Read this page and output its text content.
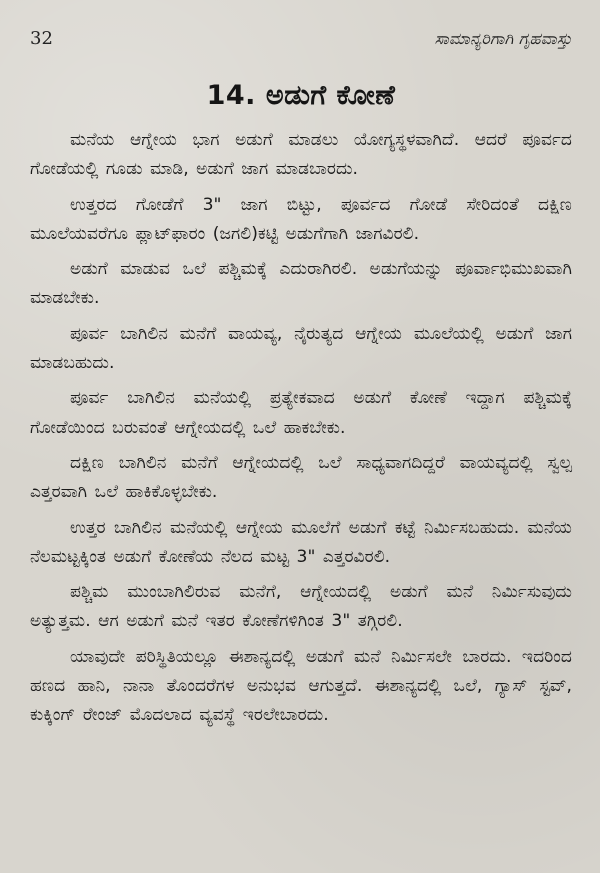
32	ಸಾಮಾನ್ಯರಿಗಾಗಿ ಗೃಹವಾಸ್ತು
14. ಅಡುಗೆ ಕೋಣೆ

ಮನೆಯ ಆಗ್ನೇಯ ಭಾಗ ಅಡುಗೆ ಮಾಡಲು ಯೋಗ್ಯಸ್ಥಳವಾಗಿದೆ. ಆದರೆ ಪೂರ್ವದ ಗೋಡೆಯಲ್ಲಿ ಗೂಡು ಮಾಡಿ, ಅಡುಗೆ ಜಾಗ ಮಾಡಬಾರದು.

ಉತ್ತರದ ಗೋಡೆಗೆ 3" ಜಾಗ ಬಿಟ್ಟು, ಪೂರ್ವದ ಗೋಡೆ ಸೇರಿದಂತೆ ದಕ್ಷಿಣ ಮೂಲೆಯವರೆಗೂ ಪ್ಲಾಟ್‌ಫಾರಂ (ಜಗಲಿ)ಕಟ್ಟಿ ಅಡುಗೆಗಾಗಿ ಜಾಗವಿರಲಿ.

ಅಡುಗೆ ಮಾಡುವ ಒಲೆ ಪಶ್ಚಿಮಕ್ಕೆ ಎದುರಾಗಿರಲಿ. ಅಡುಗೆಯನ್ನು ಪೂರ್ವಾಭಿಮುಖವಾಗಿ ಮಾಡಬೇಕು.

ಪೂರ್ವ ಬಾಗಿಲಿನ ಮನೆಗೆ ವಾಯವ್ಯ, ನೈರುತ್ಯದ ಆಗ್ನೇಯ ಮೂಲೆಯಲ್ಲಿ ಅಡುಗೆ ಜಾಗ ಮಾಡಬಹುದು.

ಪೂರ್ವ ಬಾಗಿಲಿನ ಮನೆಯಲ್ಲಿ ಪ್ರತ್ಯೇಕವಾದ ಅಡುಗೆ ಕೋಣೆ ಇದ್ದಾಗ ಪಶ್ಚಿಮಕ್ಕೆ ಗೋಡೆಯಿಂದ ಬರುವಂತೆ ಆಗ್ನೇಯದಲ್ಲಿ ಒಲೆ ಹಾಕಬೇಕು.

ದಕ್ಷಿಣ ಬಾಗಿಲಿನ ಮನೆಗೆ ಆಗ್ನೇಯದಲ್ಲಿ ಒಲೆ ಸಾಧ್ಯವಾಗದಿದ್ದರೆ ವಾಯವ್ಯದಲ್ಲಿ ಸ್ವಲ್ಪ ಎತ್ತರವಾಗಿ ಒಲೆ ಹಾಕಿಕೊಳ್ಳಬೇಕು.

ಉತ್ತರ ಬಾಗಿಲಿನ ಮನೆಯಲ್ಲಿ ಆಗ್ನೇಯ ಮೂಲೆಗೆ ಅಡುಗೆ ಕಟ್ಟೆ ನಿರ್ಮಿಸಬಹುದು. ಮನೆಯ ನೆಲಮಟ್ಟಕ್ಕಿಂತ ಅಡುಗೆ ಕೋಣೆಯ ನೆಲದ ಮಟ್ಟ 3" ಎತ್ತರವಿರಲಿ.

ಪಶ್ಚಿಮ ಮುಂಬಾಗಿಲಿರುವ ಮನೆಗೆ, ಆಗ್ನೇಯದಲ್ಲಿ ಅಡುಗೆ ಮನೆ ನಿರ್ಮಿಸುವುದು ಅತ್ಯುತ್ತಮ. ಆಗ ಅಡುಗೆ ಮನೆ ಇತರ ಕೋಣೆಗಳಿಗಿಂತ 3" ತಗ್ಗಿರಲಿ.

ಯಾವುದೇ ಪರಿಸ್ಥಿತಿಯಲ್ಲೂ ಈಶಾನ್ಯದಲ್ಲಿ ಅಡುಗೆ ಮನೆ ನಿರ್ಮಿಸಲೇ ಬಾರದು. ಇದರಿಂದ ಹಣದ ಹಾನಿ, ನಾನಾ ತೊಂದರೆಗಳ ಅನುಭವ ಆಗುತ್ತದೆ. ಈಶಾನ್ಯದಲ್ಲಿ ಒಲೆ, ಗ್ಯಾಸ್ ಸ್ಟವ್, ಕುಕ್ಕಿಂಗ್ ರೇಂಜ್ ಮೊದಲಾದ ವ್ಯವಸ್ಥೆ ಇರಲೇಬಾರದು.
